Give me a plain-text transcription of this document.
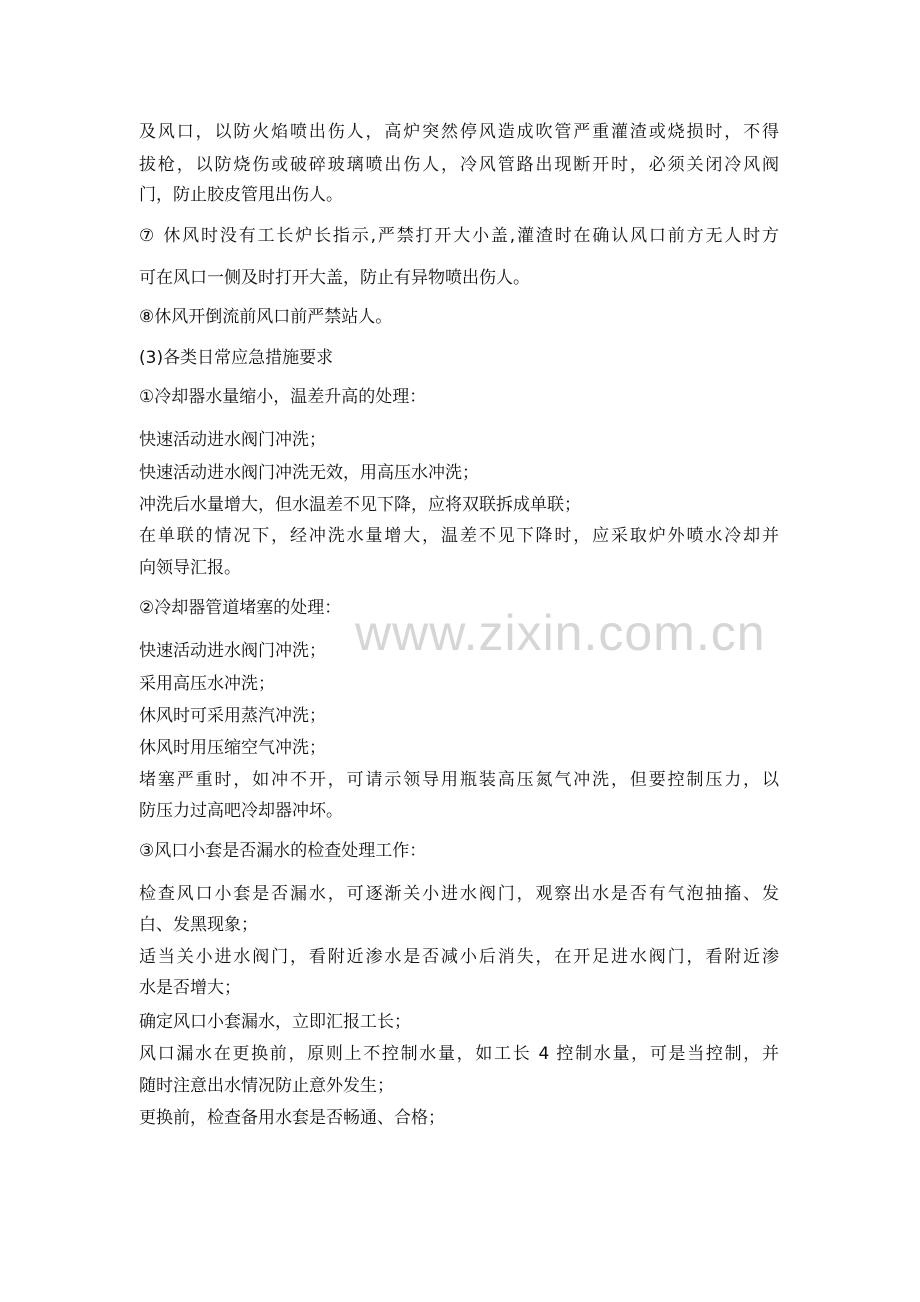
www.zixin.com.cn
及风口，以防火焰喷出伤人，高炉突然停风造成吹管严重灌渣或烧损时，不得
拔枪，以防烧伤或破碎玻璃喷出伤人，冷风管路出现断开时，必须关闭冷风阀
门，防止胶皮管甩出伤人。
⑦ 休风时没有工长炉长指示,严禁打开大小盖,灌渣时在确认风口前方无人时方
可在风口一侧及时打开大盖，防止有异物喷出伤人。
⑧休风开倒流前风口前严禁站人。
(3)各类日常应急措施要求
①冷却器水量缩小，温差升高的处理：
快速活动进水阀门冲洗；
快速活动进水阀门冲洗无效，用高压水冲洗；
冲洗后水量增大，但水温差不见下降，应将双联拆成单联；
在单联的情况下，经冲洗水量增大，温差不见下降时，应采取炉外喷水冷却并
向领导汇报。
②冷却器管道堵塞的处理：
快速活动进水阀门冲洗；
采用高压水冲洗；
休风时可采用蒸汽冲洗；
休风时用压缩空气冲洗；
堵塞严重时，如冲不开，可请示领导用瓶装高压氮气冲洗，但要控制压力，以
防压力过高吧冷却器冲坏。
③风口小套是否漏水的检查处理工作：
检查风口小套是否漏水，可逐渐关小进水阀门，观察出水是否有气泡抽搐、发
白、发黑现象；
适当关小进水阀门，看附近渗水是否减小后消失，在开足进水阀门，看附近渗
水是否增大；
确定风口小套漏水，立即汇报工长；
风口漏水在更换前，原则上不控制水量，如工长 4 控制水量，可是当控制，并
随时注意出水情况防止意外发生；
更换前，检查备用水套是否畅通、合格；
